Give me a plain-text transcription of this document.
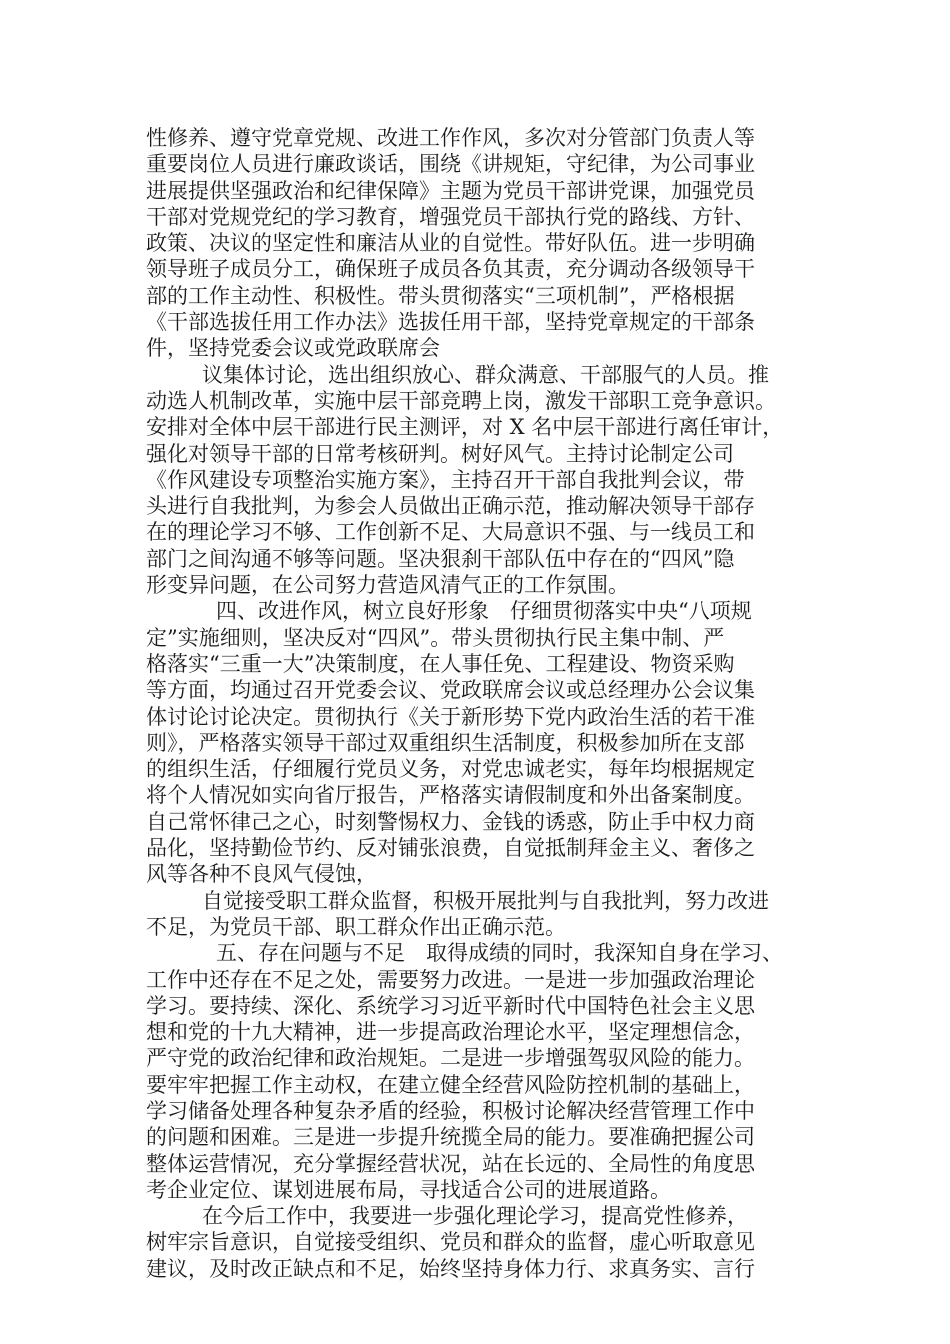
性修养、遵守党章党规、改进工作作风，多次对分管部门负责人等
重要岗位人员进行廉政谈话，围绕《讲规矩，守纪律，为公司事业
进展提供坚强政治和纪律保障》主题为党员干部讲党课，加强党员
干部对党规党纪的学习教育，增强党员干部执行党的路线、方针、
政策、决议的坚定性和廉洁从业的自觉性。带好队伍。进一步明确
领导班子成员分工，确保班子成员各负其责，充分调动各级领导干
部的工作主动性、积极性。带头贯彻落实“三项机制”，严格根据
《干部选拔任用工作办法》选拔任用干部，坚持党章规定的干部条
件，坚持党委会议或党政联席会
议集体讨论，选出组织放心、群众满意、干部服气的人员。推
动选人机制改革，实施中层干部竞聘上岗，激发干部职工竞争意识。
安排对全体中层干部进行民主测评，对 X 名中层干部进行离任审计，
强化对领导干部的日常考核研判。树好风气。主持讨论制定公司
《作风建设专项整治实施方案》，主持召开干部自我批判会议，带
头进行自我批判，为参会人员做出正确示范，推动解决领导干部存
在的理论学习不够、工作创新不足、大局意识不强、与一线员工和
部门之间沟通不够等问题。坚决狠刹干部队伍中存在的“四风”隐
形变异问题，在公司努力营造风清气正的工作氛围。
四、改进作风，树立良好形象　仔细贯彻落实中央“八项规
定”实施细则，坚决反对“四风”。带头贯彻执行民主集中制、严
格落实“三重一大”决策制度，在人事任免、工程建设、物资采购
等方面，均通过召开党委会议、党政联席会议或总经理办公会议集
体讨论讨论决定。贯彻执行《关于新形势下党内政治生活的若干准
则》，严格落实领导干部过双重组织生活制度，积极参加所在支部
的组织生活，仔细履行党员义务，对党忠诚老实，每年均根据规定
将个人情况如实向省厅报告，严格落实请假制度和外出备案制度。
自己常怀律己之心，时刻警惕权力、金钱的诱惑，防止手中权力商
品化，坚持勤俭节约、反对铺张浪费，自觉抵制拜金主义、奢侈之
风等各种不良风气侵蚀，
自觉接受职工群众监督，积极开展批判与自我批判，努力改进
不足，为党员干部、职工群众作出正确示范。
五、存在问题与不足　取得成绩的同时，我深知自身在学习、
工作中还存在不足之处，需要努力改进。一是进一步加强政治理论
学习。要持续、深化、系统学习习近平新时代中国特色社会主义思
想和党的十九大精神，进一步提高政治理论水平，坚定理想信念，
严守党的政治纪律和政治规矩。二是进一步增强驾驭风险的能力。
要牢牢把握工作主动权，在建立健全经营风险防控机制的基础上，
学习储备处理各种复杂矛盾的经验，积极讨论解决经营管理工作中
的问题和困难。三是进一步提升统揽全局的能力。要准确把握公司
整体运营情况，充分掌握经营状况，站在长远的、全局性的角度思
考企业定位、谋划进展布局，寻找适合公司的进展道路。
在今后工作中，我要进一步强化理论学习，提高党性修养，
树牢宗旨意识，自觉接受组织、党员和群众的监督，虚心听取意见
建议，及时改正缺点和不足，始终坚持身体力行、求真务实、言行
